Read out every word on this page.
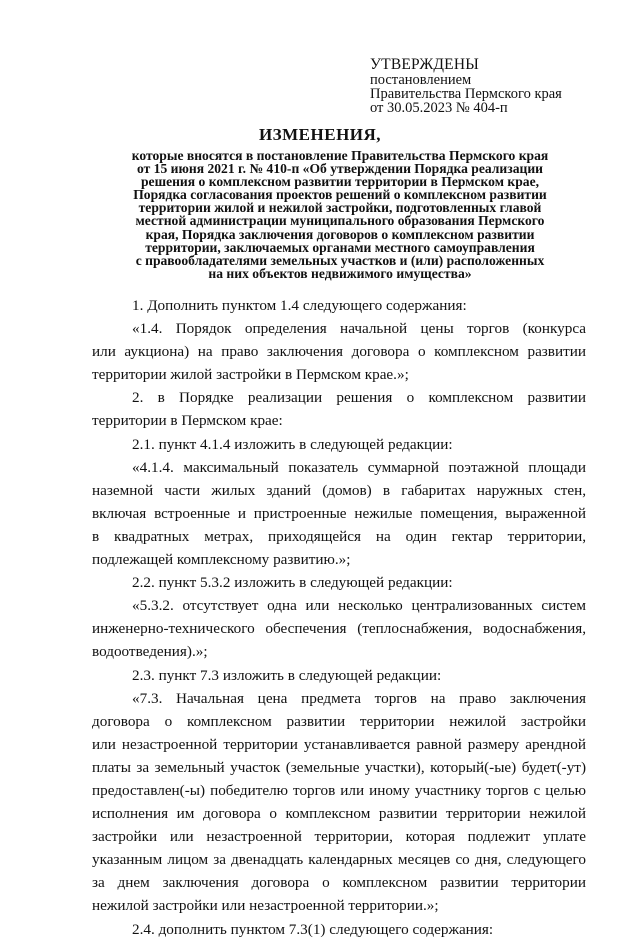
УТВЕРЖДЕНЫ
постановлением
Правительства Пермского края
от 30.05.2023 № 404-п
ИЗМЕНЕНИЯ,
которые вносятся в постановление Правительства Пермского края
от 15 июня 2021 г. № 410-п «Об утверждении Порядка реализации
решения о комплексном развитии территории в Пермском крае,
Порядка согласования проектов решений о комплексном развитии
территории жилой и нежилой застройки, подготовленных главой
местной администрации муниципального образования Пермского
края, Порядка заключения договоров о комплексном развитии
территории, заключаемых органами местного самоуправления
с правообладателями земельных участков и (или) расположенных
на них объектов недвижимого имущества»
1. Дополнить пунктом 1.4 следующего содержания:
«1.4. Порядок определения начальной цены торгов (конкурса
или аукциона) на право заключения договора о комплексном развитии
территории жилой застройки в Пермском крае.»;
2. в Порядке реализации решения о комплексном развитии
территории в Пермском крае:
2.1. пункт 4.1.4 изложить в следующей редакции:
«4.1.4. максимальный показатель суммарной поэтажной площади
наземной части жилых зданий (домов) в габаритах наружных стен,
включая встроенные и пристроенные нежилые помещения, выраженной
в квадратных метрах, приходящейся на один гектар территории,
подлежащей комплексному развитию.»;
2.2. пункт 5.3.2 изложить в следующей редакции:
«5.3.2. отсутствует одна или несколько централизованных систем
инженерно-технического обеспечения (теплоснабжения, водоснабжения,
водоотведения).»;
2.3. пункт 7.3 изложить в следующей редакции:
«7.3. Начальная цена предмета торгов на право заключения
договора о комплексном развитии территории нежилой застройки
или незастроенной территории устанавливается равной размеру арендной
платы за земельный участок (земельные участки), который(-ые) будет(-ут)
предоставлен(-ы) победителю торгов или иному участнику торгов с целью
исполнения им договора о комплексном развитии территории нежилой
застройки или незастроенной территории, которая подлежит уплате
указанным лицом за двенадцать календарных месяцев со дня, следующего
за днем заключения договора о комплексном развитии территории
нежилой застройки или незастроенной территории.»;
2.4. дополнить пунктом 7.3(1) следующего содержания:
